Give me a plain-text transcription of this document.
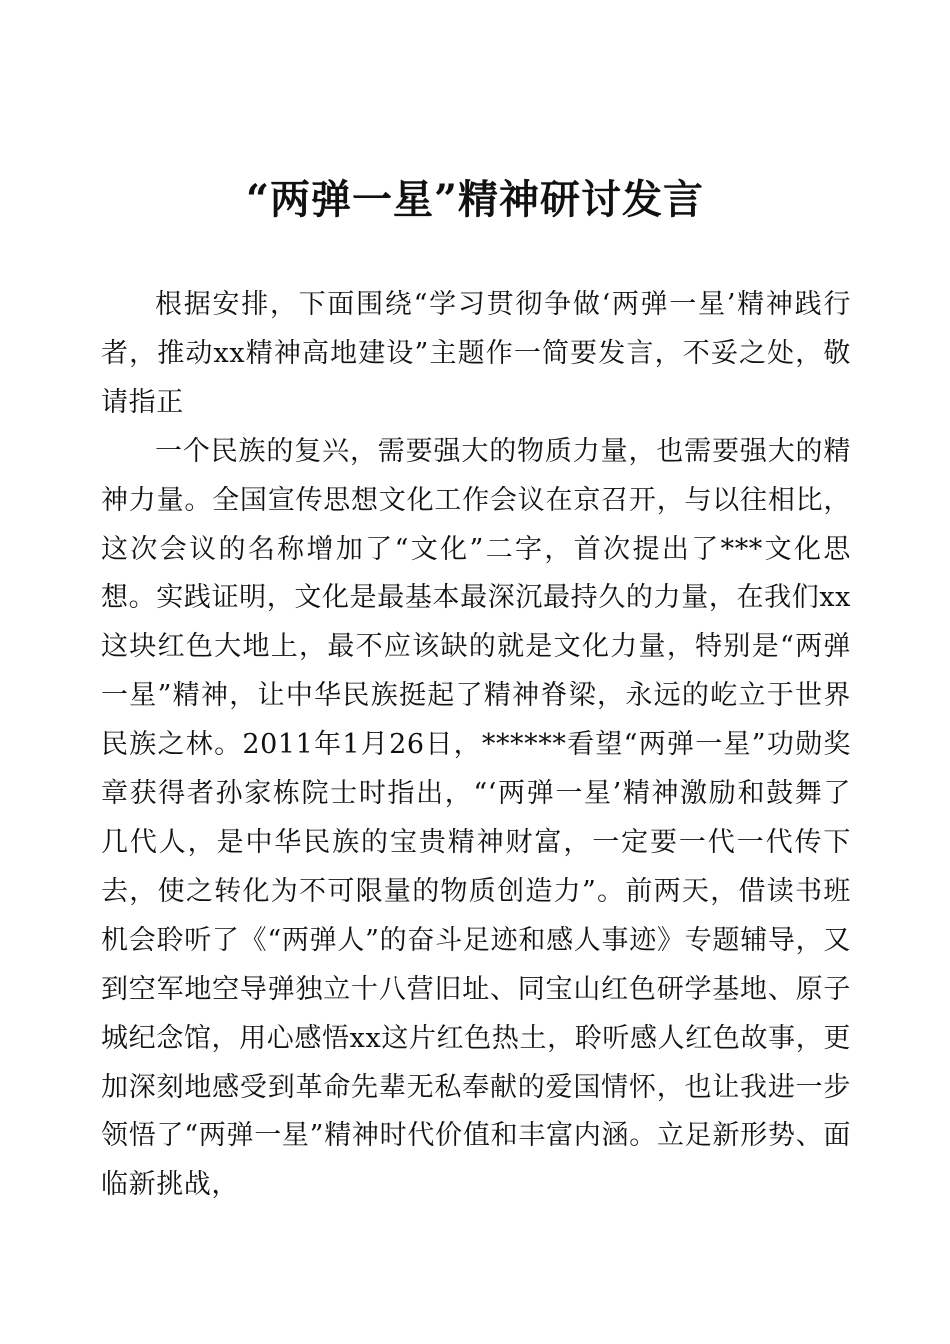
“两弹一星”精神研讨发言

根据安排，下面围绕“学习贯彻争做‘两弹一星’精神践行者，推动xx精神高地建设”主题作一简要发言，不妥之处，敬请指正

一个民族的复兴，需要强大的物质力量，也需要强大的精神力量。全国宣传思想文化工作会议在京召开，与以往相比，这次会议的名称增加了“文化”二字，首次提出了***文化思想。实践证明，文化是最基本最深沉最持久的力量，在我们xx这块红色大地上，最不应该缺的就是文化力量，特别是“两弹一星”精神，让中华民族挺起了精神脊梁，永远的屹立于世界民族之林。2011年1月26日，******看望“两弹一星”功勋奖章获得者孙家栋院士时指出，“‘两弹一星’精神激励和鼓舞了几代人，是中华民族的宝贵精神财富，一定要一代一代传下去，使之转化为不可限量的物质创造力”。前两天，借读书班机会聆听了《“两弹人”的奋斗足迹和感人事迹》专题辅导，又到空军地空导弹独立十八营旧址、同宝山红色研学基地、原子城纪念馆，用心感悟xx这片红色热土，聆听感人红色故事，更加深刻地感受到革命先辈无私奉献的爱国情怀，也让我进一步领悟了“两弹一星”精神时代价值和丰富内涵。立足新形势、面临新挑战，
